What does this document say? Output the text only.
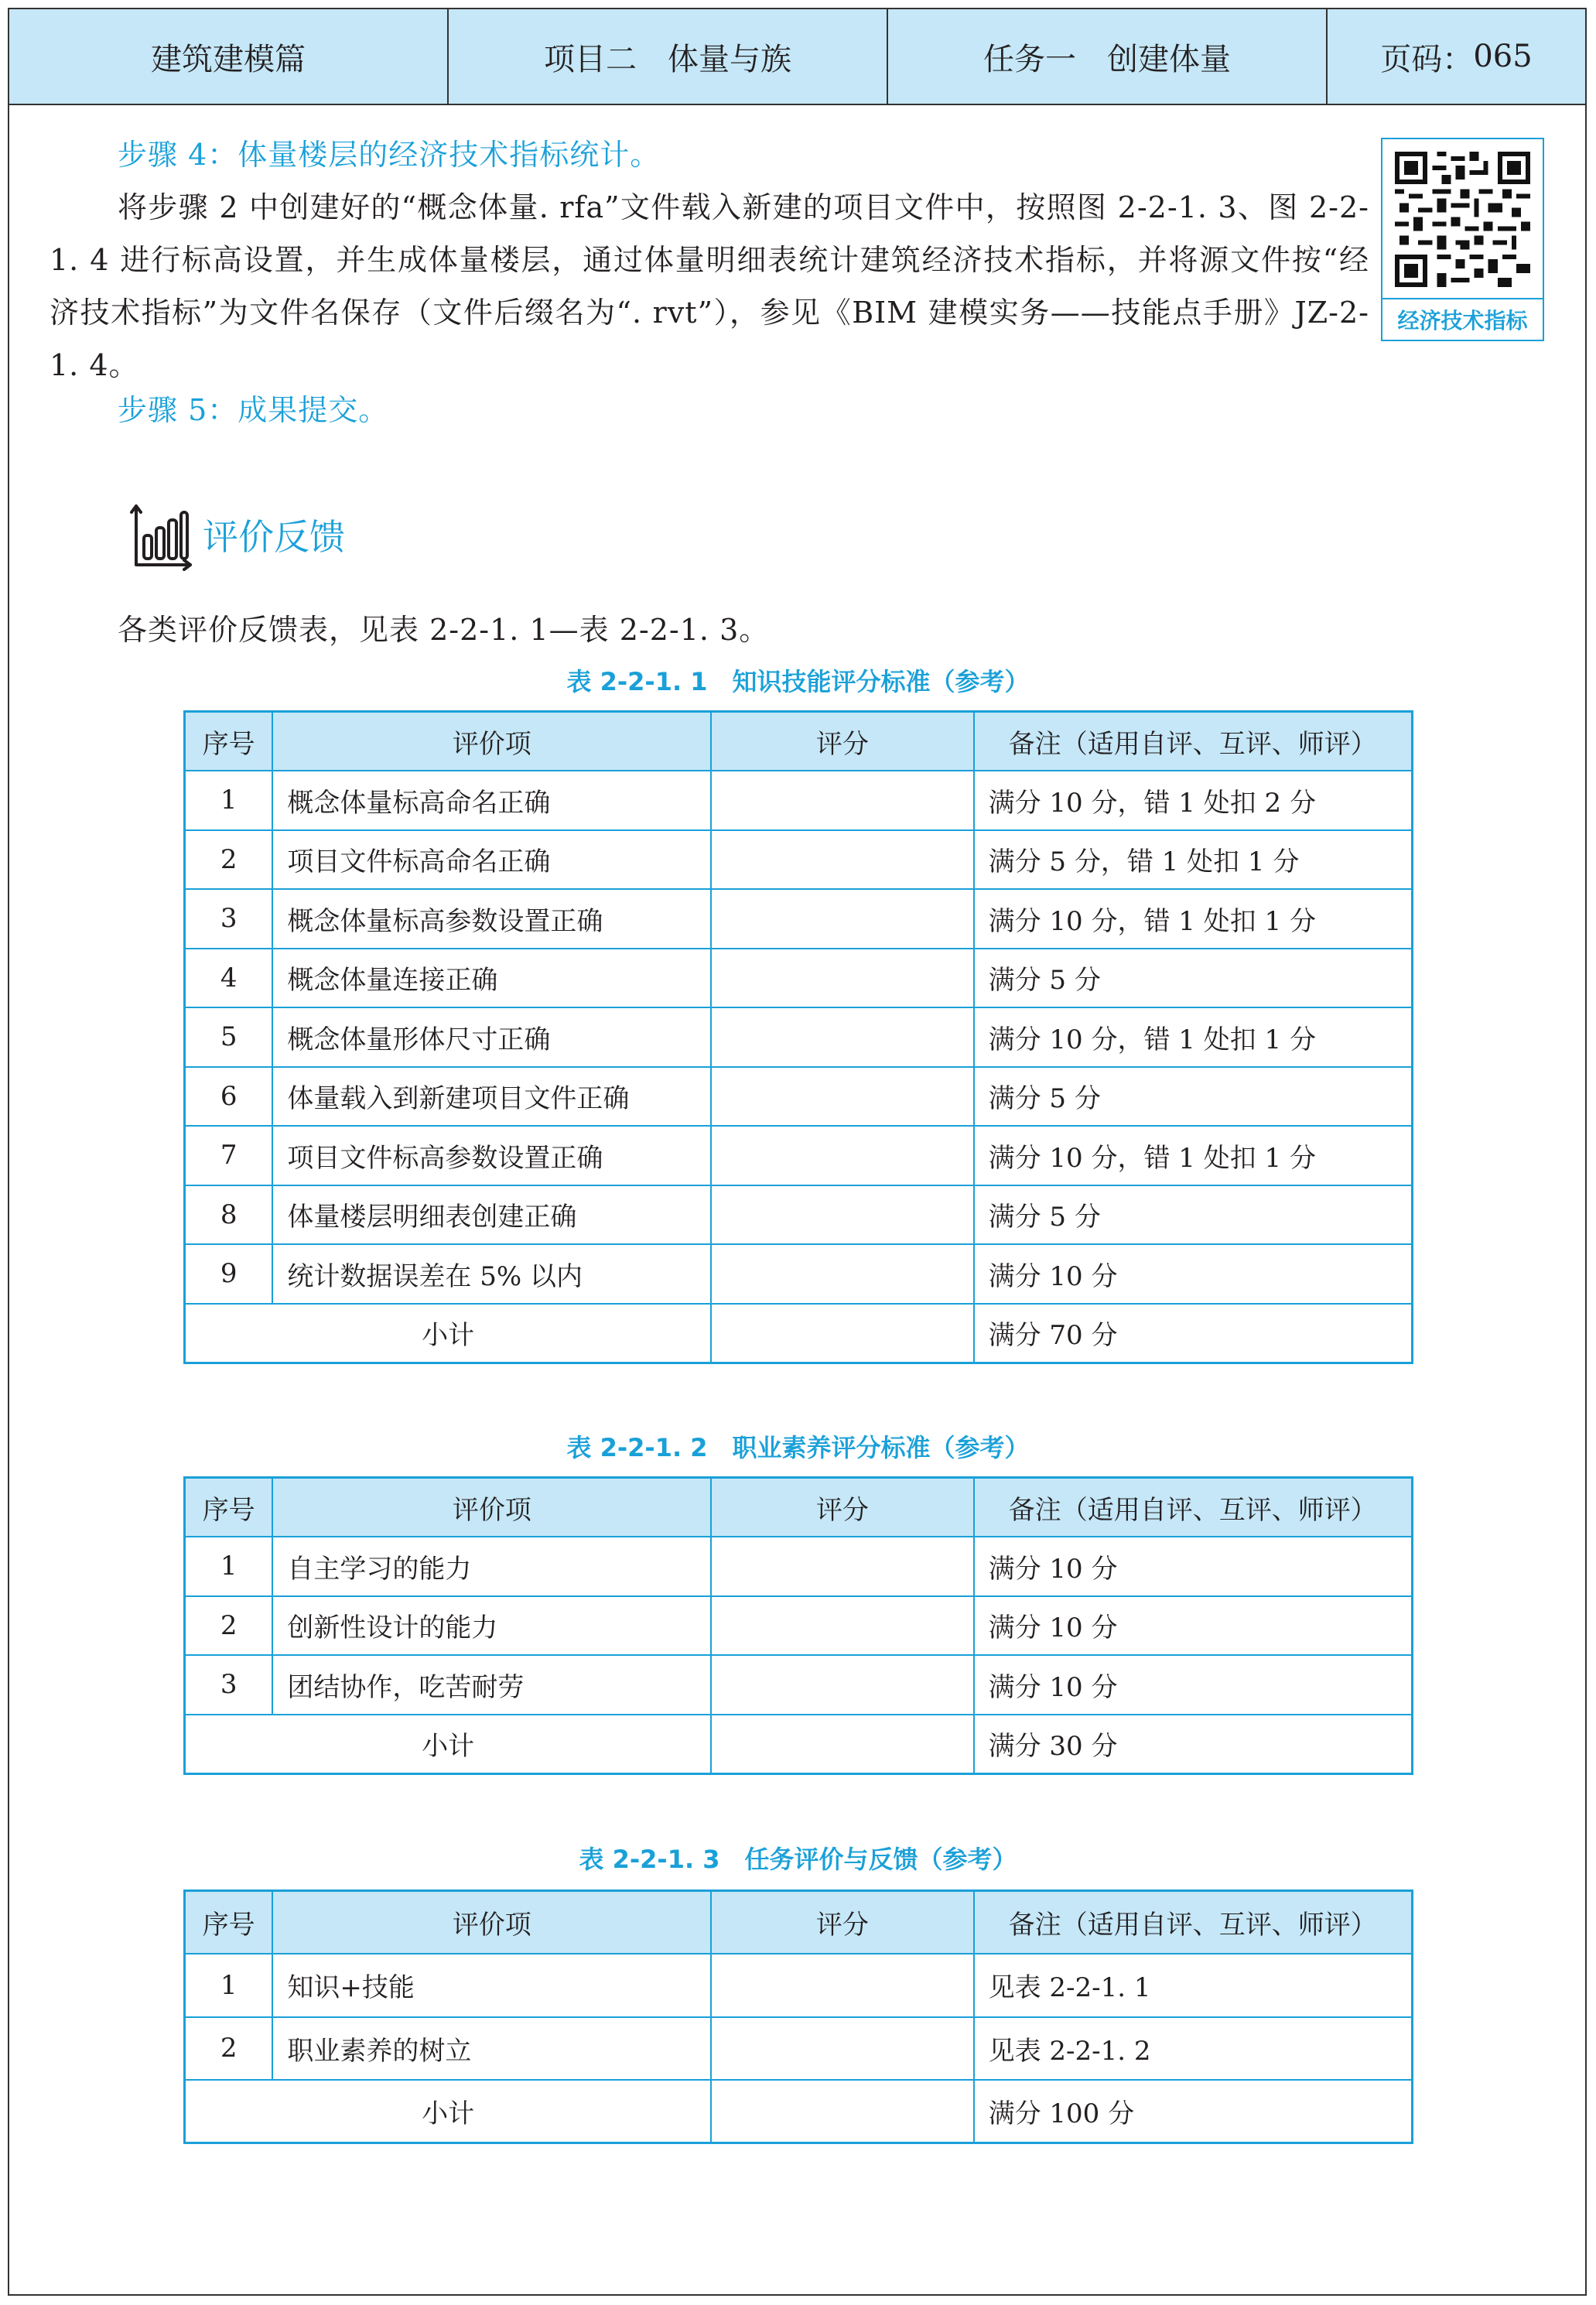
建筑建模篇	项目二　体量与族	任务一　创建体量	页码： 065
步骤 4：体量楼层的经济技术指标统计。
将步骤 2 中创建好的“概念体量. rfa”文件载入新建的项目文件中，按照图 2-2-1. 3、图 2-2-1. 4 进行标高设置，并生成体量楼层，通过体量明细表统计建筑经济技术指标，并将源文件按“经济技术指标”为文件名保存（文件后缀名为“. rvt”），参见《BIM 建模实务——技能点手册》JZ-2-1. 4。
步骤 5：成果提交。
经济技术指标
评价反馈
各类评价反馈表，见表 2-2-1. 1—表 2-2-1. 3。
表 2-2-1. 1　知识技能评分标准（参考）
序号	评价项	评分	备注（适用自评、互评、师评）
1	概念体量标高命名正确		满分 10 分，错 1 处扣 2 分
2	项目文件标高命名正确		满分 5 分，错 1 处扣 1 分
3	概念体量标高参数设置正确		满分 10 分，错 1 处扣 1 分
4	概念体量连接正确		满分 5 分
5	概念体量形体尺寸正确		满分 10 分，错 1 处扣 1 分
6	体量载入到新建项目文件正确		满分 5 分
7	项目文件标高参数设置正确		满分 10 分，错 1 处扣 1 分
8	体量楼层明细表创建正确		满分 5 分
9	统计数据误差在 5% 以内		满分 10 分
小计			满分 70 分
表 2-2-1. 2　职业素养评分标准（参考）
序号	评价项	评分	备注（适用自评、互评、师评）
1	自主学习的能力		满分 10 分
2	创新性设计的能力		满分 10 分
3	团结协作，吃苦耐劳		满分 10 分
小计			满分 30 分
表 2-2-1. 3　任务评价与反馈（参考）
序号	评价项	评分	备注（适用自评、互评、师评）
1	知识+技能		见表 2-2-1. 1
2	职业素养的树立		见表 2-2-1. 2
小计			满分 100 分
